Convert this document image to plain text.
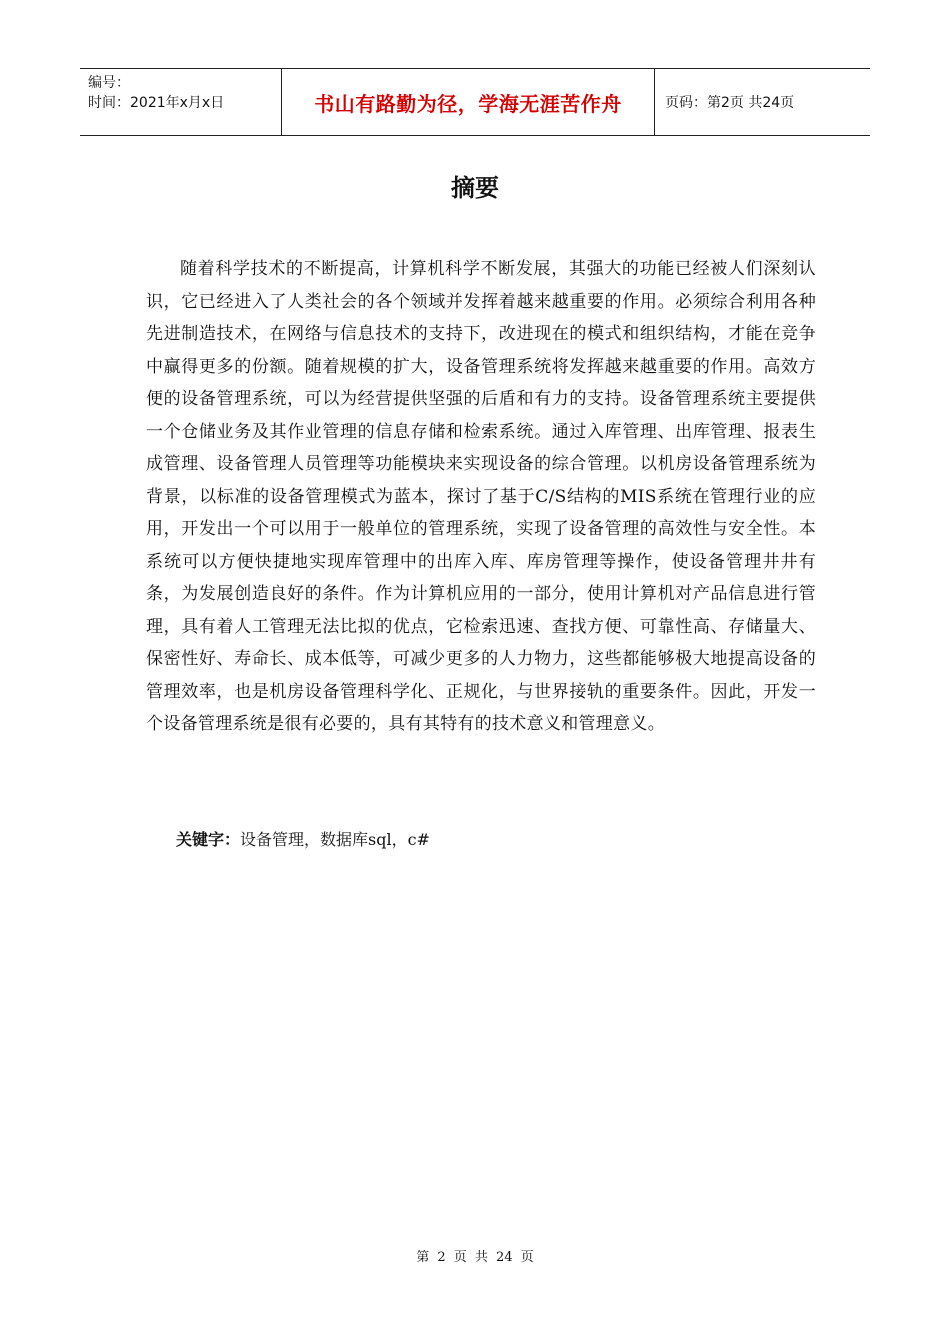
编号：
时间：2021年x月x日	书山有路勤为径，学海无涯苦作舟	页码：第2页 共24页
摘要

随着科学技术的不断提高，计算机科学不断发展，其强大的功能已经被人们深刻认识，它已经进入了人类社会的各个领域并发挥着越来越重要的作用。必须综合利用各种先进制造技术，在网络与信息技术的支持下，改进现在的模式和组织结构，才能在竞争中赢得更多的份额。随着规模的扩大，设备管理系统将发挥越来越重要的作用。高效方便的设备管理系统，可以为经营提供坚强的后盾和有力的支持。设备管理系统主要提供一个仓储业务及其作业管理的信息存储和检索系统。通过入库管理、出库管理、报表生成管理、设备管理人员管理等功能模块来实现设备的综合管理。以机房设备管理系统为背景，以标准的设备管理模式为蓝本，探讨了基于C/S结构的MIS系统在管理行业的应用，开发出一个可以用于一般单位的管理系统，实现了设备管理的高效性与安全性。本系统可以方便快捷地实现库管理中的出库入库、库房管理等操作，使设备管理井井有条，为发展创造良好的条件。作为计算机应用的一部分，使用计算机对产品信息进行管理，具有着人工管理无法比拟的优点，它检索迅速、查找方便、可靠性高、存储量大、保密性好、寿命长、成本低等，可减少更多的人力物力，这些都能够极大地提高设备的管理效率，也是机房设备管理科学化、正规化，与世界接轨的重要条件。因此，开发一个设备管理系统是很有必要的，具有其特有的技术意义和管理意义。

关键字：设备管理，数据库sql，c#
第 2 页 共 24 页
